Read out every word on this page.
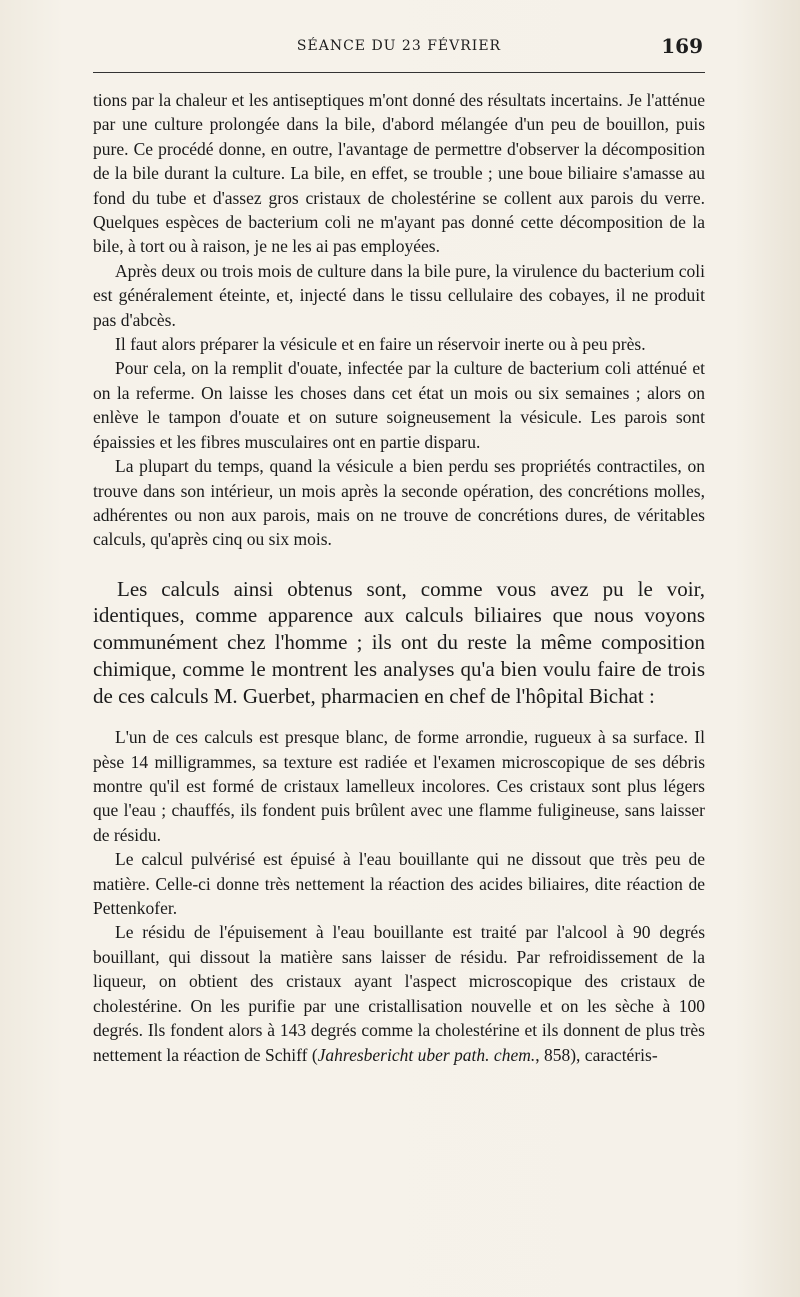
SÉANCE DU 23 FÉVRIER	169

tions par la chaleur et les antiseptiques m'ont donné des résultats incertains. Je l'atténue par une culture prolongée dans la bile, d'abord mélangée d'un peu de bouillon, puis pure. Ce procédé donne, en outre, l'avantage de permettre d'observer la décomposition de la bile durant la culture. La bile, en effet, se trouble ; une boue biliaire s'amasse au fond du tube et d'assez gros cristaux de cholestérine se collent aux parois du verre. Quelques espèces de bacterium coli ne m'ayant pas donné cette décomposition de la bile, à tort ou à raison, je ne les ai pas employées.

Après deux ou trois mois de culture dans la bile pure, la virulence du bacterium coli est généralement éteinte, et, injecté dans le tissu cellulaire des cobayes, il ne produit pas d'abcès.

Il faut alors préparer la vésicule et en faire un réservoir inerte ou à peu près.

Pour cela, on la remplit d'ouate, infectée par la culture de bacterium coli atténué et on la referme. On laisse les choses dans cet état un mois ou six semaines ; alors on enlève le tampon d'ouate et on suture soigneusement la vésicule. Les parois sont épaissies et les fibres musculaires ont en partie disparu.

La plupart du temps, quand la vésicule a bien perdu ses propriétés contractiles, on trouve dans son intérieur, un mois après la seconde opération, des concrétions molles, adhérentes ou non aux parois, mais on ne trouve de concrétions dures, de véritables calculs, qu'après cinq ou six mois.

Les calculs ainsi obtenus sont, comme vous avez pu le voir, identiques, comme apparence aux calculs biliaires que nous voyons communément chez l'homme ; ils ont du reste la même composition chimique, comme le montrent les analyses qu'a bien voulu faire de trois de ces calculs M. Guerbet, pharmacien en chef de l'hôpital Bichat :

L'un de ces calculs est presque blanc, de forme arrondie, rugueux à sa surface. Il pèse 14 milligrammes, sa texture est radiée et l'examen microscopique de ses débris montre qu'il est formé de cristaux lamelleux incolores. Ces cristaux sont plus légers que l'eau ; chauffés, ils fondent puis brûlent avec une flamme fuligineuse, sans laisser de résidu.

Le calcul pulvérisé est épuisé à l'eau bouillante qui ne dissout que très peu de matière. Celle-ci donne très nettement la réaction des acides biliaires, dite réaction de Pettenkofer.

Le résidu de l'épuisement à l'eau bouillante est traité par l'alcool à 90 degrés bouillant, qui dissout la matière sans laisser de résidu. Par refroidissement de la liqueur, on obtient des cristaux ayant l'aspect microscopique des cristaux de cholestérine. On les purifie par une cristallisation nouvelle et on les sèche à 100 degrés. Ils fondent alors à 143 degrés comme la cholestérine et ils donnent de plus très nettement la réaction de Schiff (Jahresbericht uber path. chem., 858), caractéris-
